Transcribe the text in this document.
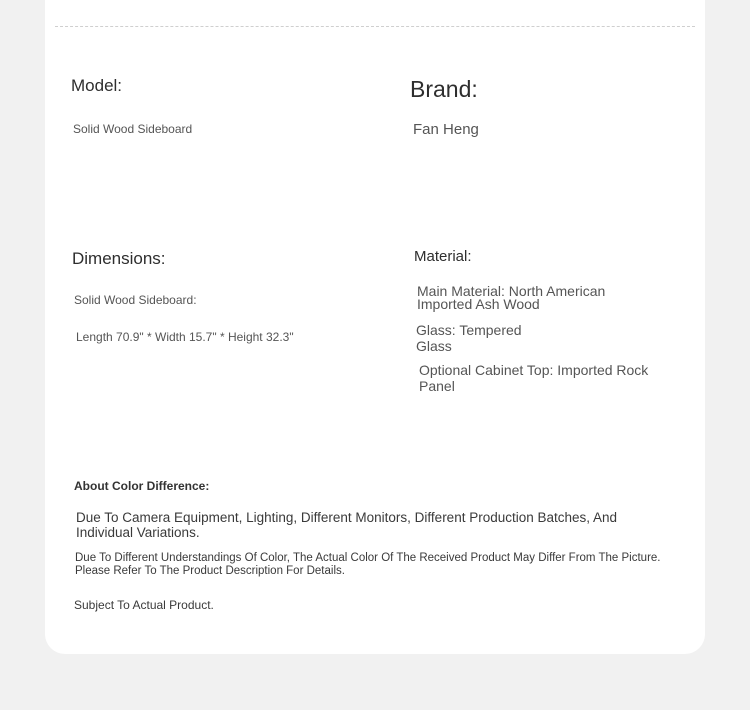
Model:
Solid Wood Sideboard
Brand:
Fan Heng
Dimensions:
Solid Wood Sideboard:
Length 70.9" * Width 15.7" * Height 32.3"
Material:
Main Material: North American Imported Ash Wood
Glass: Tempered Glass
Optional Cabinet Top: Imported Rock Panel
About Color Difference:
Due To Camera Equipment, Lighting, Different Monitors, Different Production Batches, And Individual Variations.
Due To Different Understandings Of Color, The Actual Color Of The Received Product May Differ From The Picture. Please Refer To The Product Description For Details.
Subject To Actual Product.
